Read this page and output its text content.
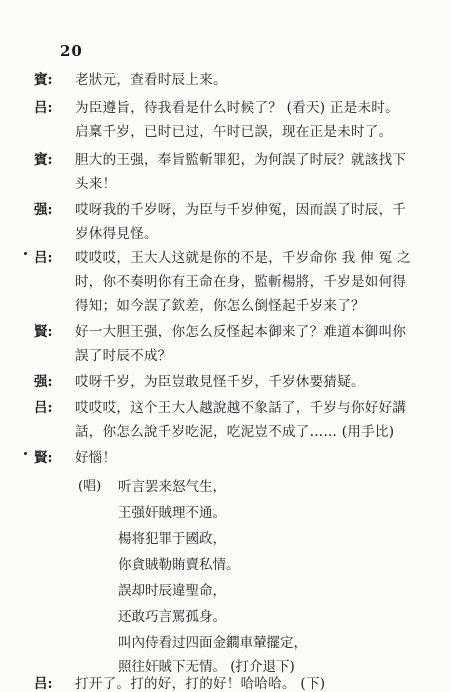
20
賓:	老狀元，查看时辰上来。
吕:	为臣遵旨，待我看是什么时候了？ (看天) 正是未时。
启稟千岁，已时已过，午时已誤，现在正是未时了。
賓:	胆大的王强，奉旨監斬罪犯，为何誤了时辰？就該找下
头来！
强:	哎呀我的千岁呀，为臣与千岁伸冤，因而誤了时辰，千
岁休得見怪。
吕:	哎哎哎，王大人这就是你的不是，千岁命你 我 伸 冤 之
时，你不奏明你有王命在身，監斬楊將，千岁是如何得
得知；如今誤了欽差，你怎么倒怪起千岁来了？
賢:	好一大胆王强，你怎么反怪起本御来了？难道本御叫你
誤了时辰不成？
强:	哎呀千岁，为臣豈敢見怪千岁，千岁休要猜疑。
吕:	哎哎哎，这个王大人越說越不象話了，千岁与你好好講
話，你怎么說千岁吃泥，吃泥豈不成了…… (用手比)
賢:	好惱！
(唱) 听言罢来怒气生，
王强奸賊理不通。
楊将犯罪于國政，
你貪賊勒賄賣私情。
誤却时辰違聖命，
还敢巧言罵孤身。
叫內侍看过四面金鐗車輦擺定，
照往奸賊下无情。 (打介退下)
吕:	打开了。打的好，打的好！哈哈哈。 (下)
